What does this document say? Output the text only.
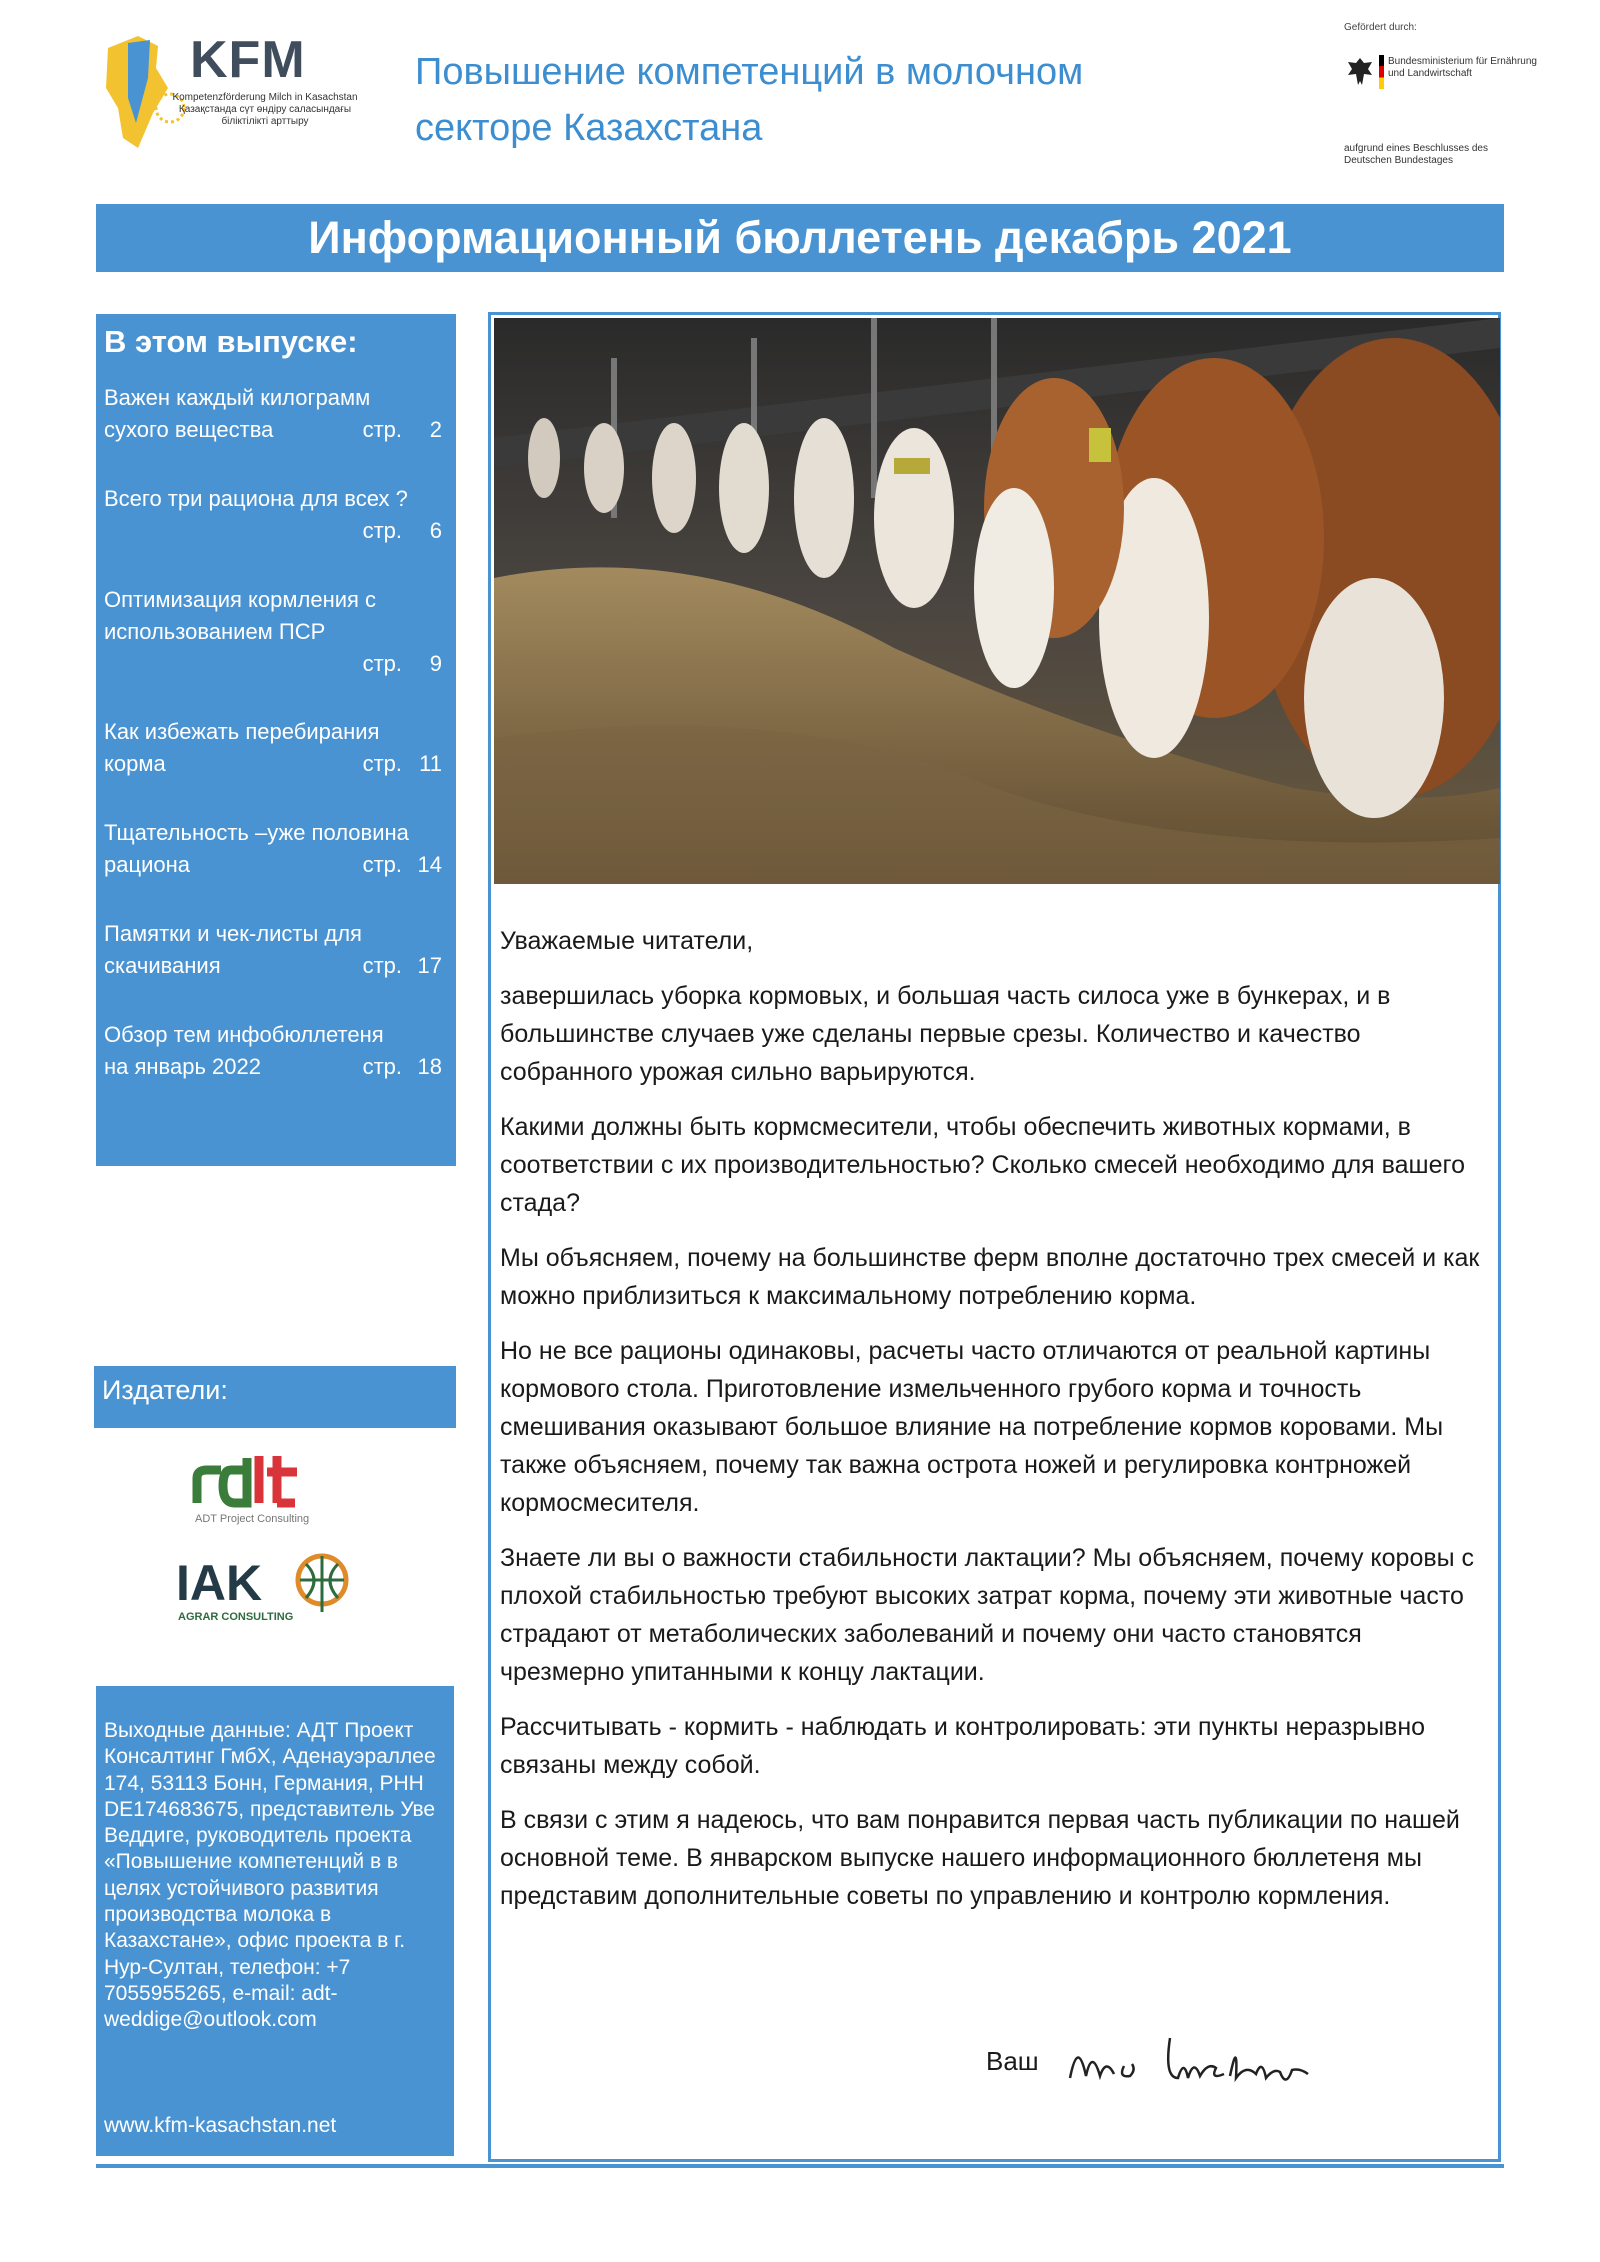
KFM
Kompetenzförderung Milch in Kasachstan
Қазақстанда сүт өндіру саласындағы біліктілікті арттыру
Повышение компетенций в молочном
секторе Казахстана
Gefördert durch:
Bundesministerium für Ernährung und Landwirtschaft
aufgrund eines Beschlusses des Deutschen Bundestages
Информационный бюллетень декабрь 2021
В этом выпуске:
Важен каждый килограмм
сухого вещества	стр. 2
Всего три рациона для всех ?
стр. 6
Оптимизация кормления с
использованием ПСР
стр. 9
Как избежать перебирания
корма	стр. 11
Тщательность –уже половина
рациона	стр. 14
Памятки и чек-листы для
скачивания	стр. 17
Обзор тем инфобюллетеня
на январь 2022	стр. 18
Издатели:
ADT Project Consulting
IAK
AGRAR CONSULTING
Выходные данные: АДТ Проект Консалтинг ГмбХ, Аденауэраллее 174, 53113 Бонн, Германия, РНН DE174683675, представитель Уве Веддиге, руководитель проекта «Повышение компетенций в в целях устойчивого развития производства молока в Казахстане», офис проекта в г. Нур-Султан, телефон: +7 7055955265, e-mail: adt-weddige@outlook.com
www.kfm-kasachstan.net

Уважаемые читатели,

завершилась уборка кормовых, и большая часть силоса уже в бункерах, и в большинстве случаев уже сделаны первые срезы. Количество и качество собранного урожая сильно варьируются.

Какими должны быть кормсмесители, чтобы обеспечить животных кормами, в соответствии с их производительностью? Сколько смесей необходимо для вашего стада?

Мы объясняем, почему на большинстве ферм вполне достаточно трех смесей и как можно приблизиться к максимальному потреблению корма.

Но не все рационы одинаковы, расчеты часто отличаются от реальной картины кормового стола. Приготовление измельченного грубого корма и точность смешивания оказывают большое влияние на потребление кормов коровами. Мы также объясняем, почему так важна острота ножей и регулировка контрножей кормосмесителя.

Знаете ли вы о важности стабильности лактации? Мы объясняем, почему коровы с плохой стабильностью требуют высоких затрат корма, почему эти животные часто страдают от метаболических заболеваний и почему они часто становятся чрезмерно упитанными к концу лактации.

Рассчитывать - кормить - наблюдать и контролировать: эти пункты неразрывно связаны между собой.

В связи с этим я надеюсь, что вам понравится первая часть публикации по нашей основной теме. В январском выпуске нашего информационного бюллетеня мы представим дополнительные советы по управлению и контролю кормления.

Ваш
